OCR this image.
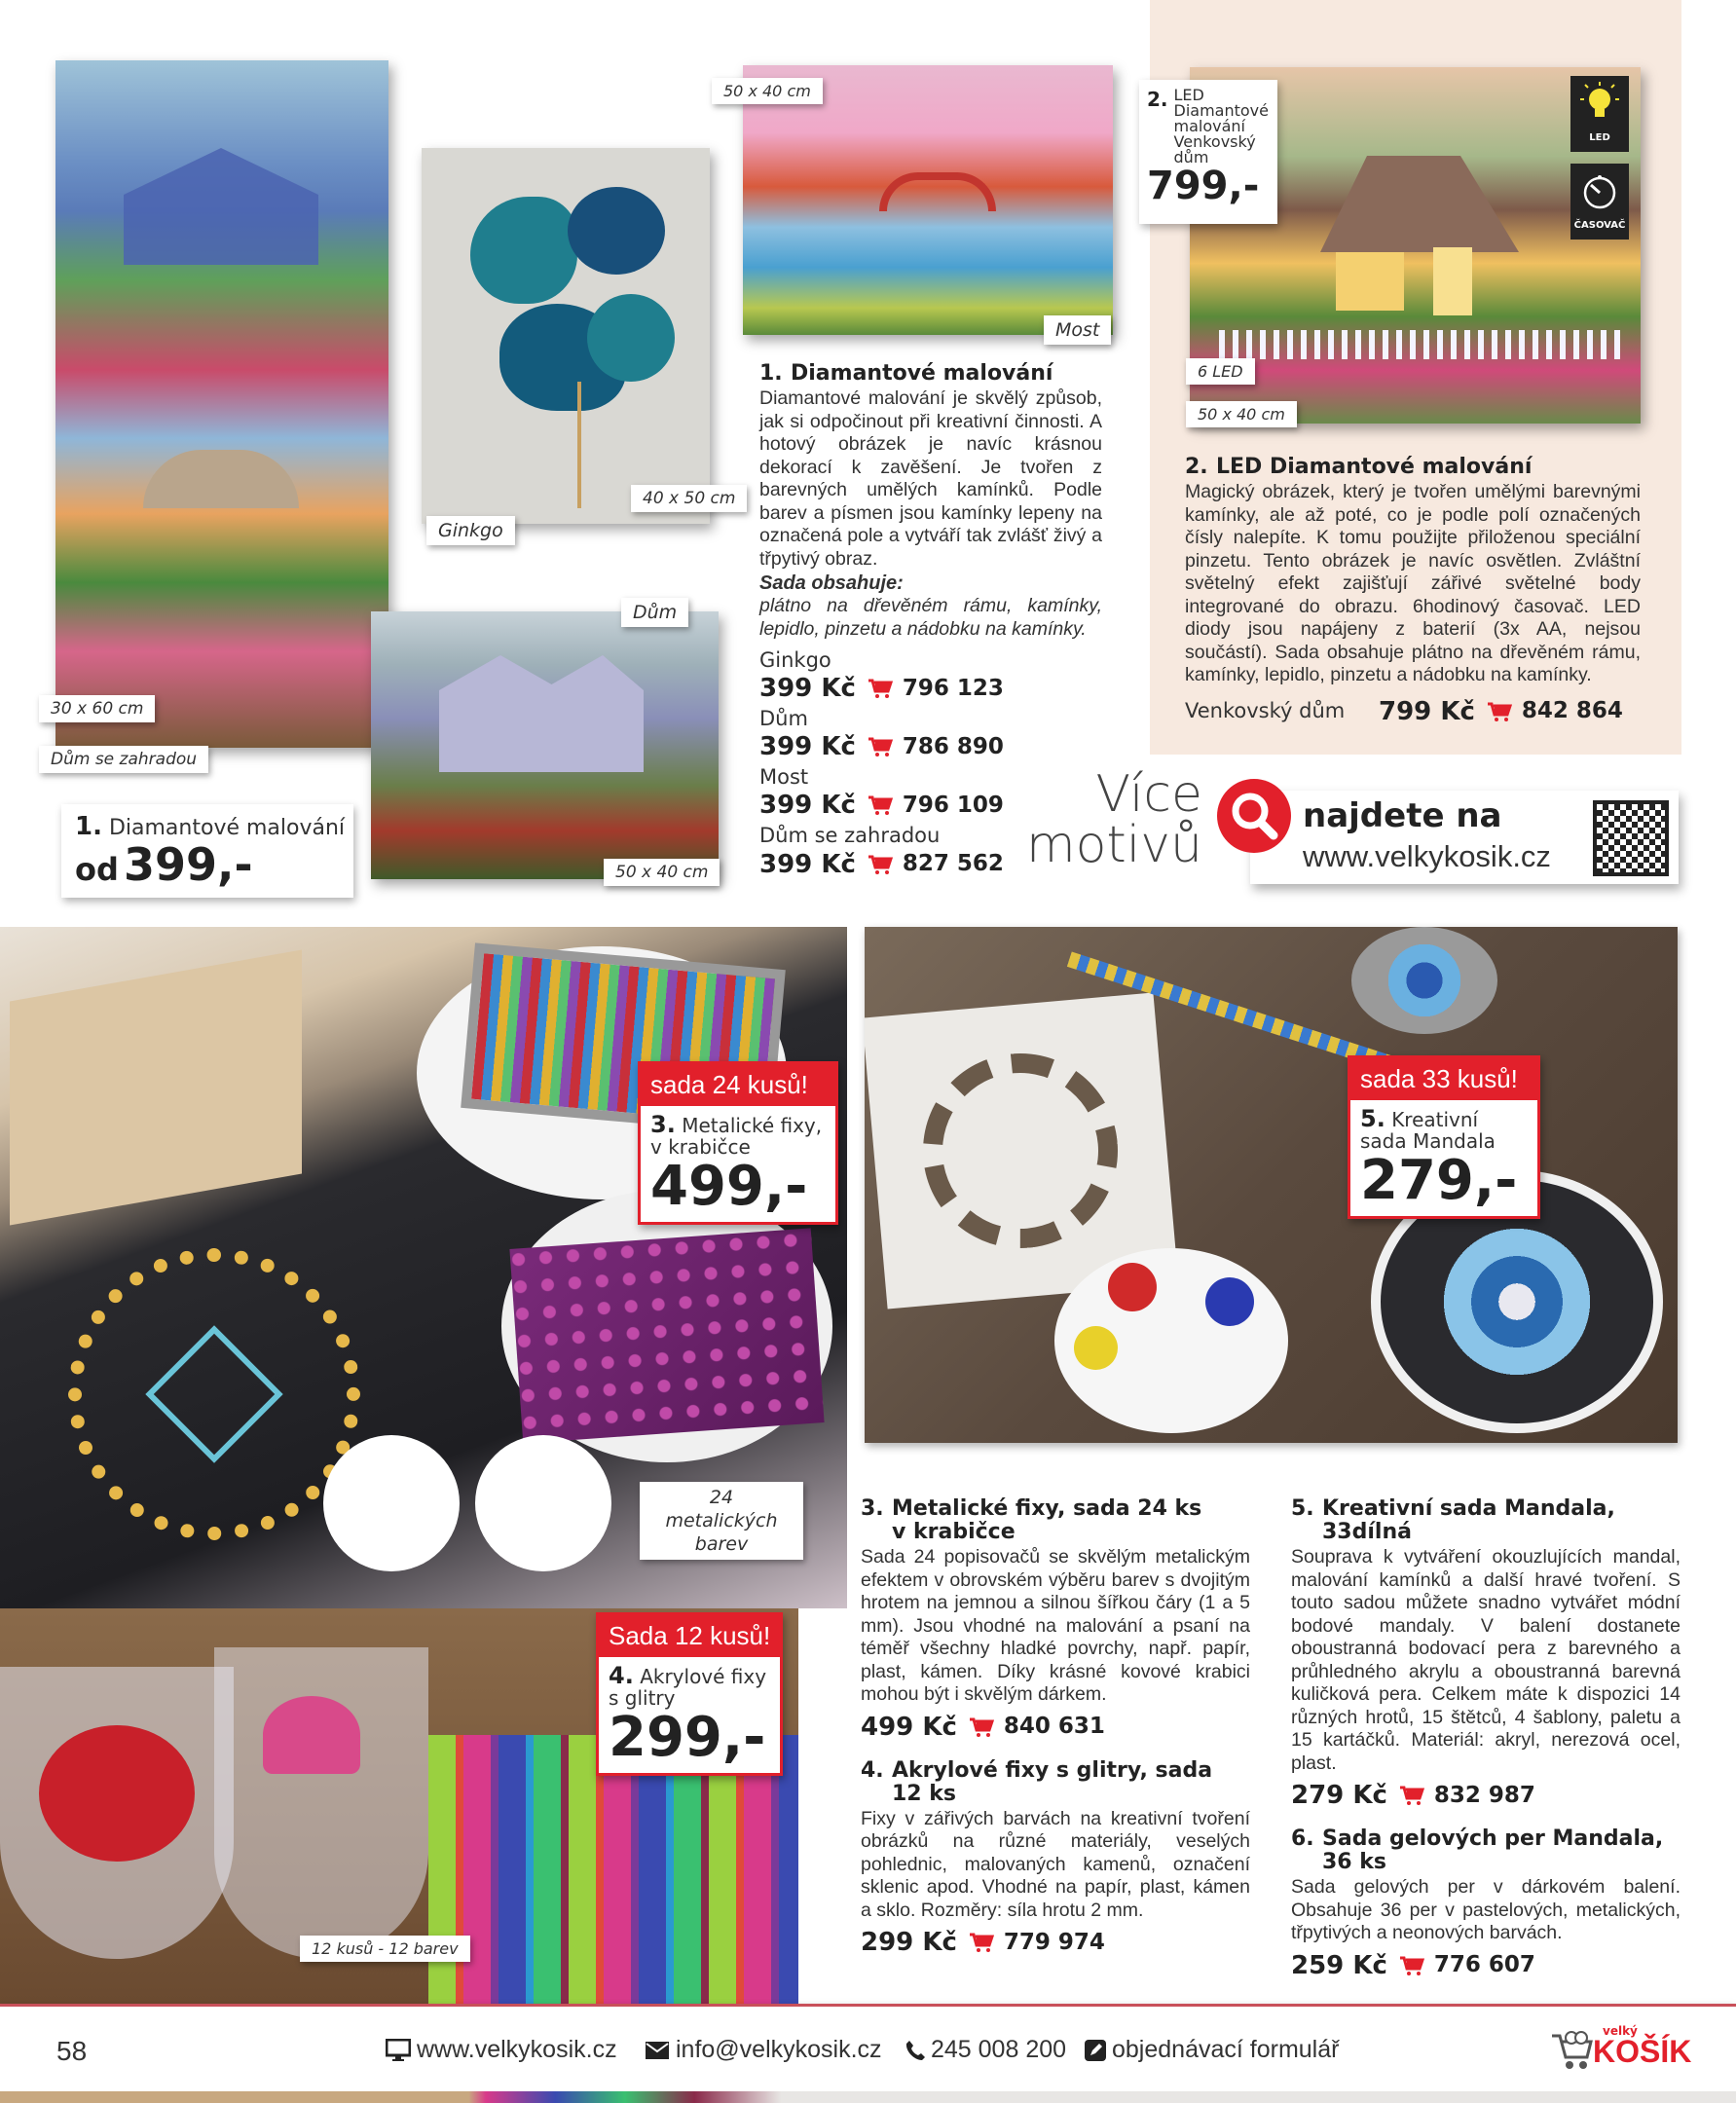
30 x 60 cm
Dům se zahradou
40 x 50 cm
Ginkgo
Dům
50 x 40 cm
50 x 40 cm
Most
1. Diamantové malování
od 399,-
1. Diamantové malování
Diamantové malování je skvělý způsob, jak si odpočinout při kreativní činnosti. A hotový obrázek je navíc krásnou dekorací k zavěšení. Je tvořen z barevných umělých kamínků. Podle barev a písmen jsou kamínky lepeny na označená pole a vytváří tak zvlášť živý a třpytivý obraz.
Sada obsahuje:
plátno na dřevěném rámu, kamínky, lepidlo, pinzetu a nádobku na kamínky.
Ginkgo
399 Kč 796 123
Dům
399 Kč 786 890
Most
399 Kč 796 109
Dům se zahradou
399 Kč 827 562
LED
ČASOVAČ
6 LED
50 x 40 cm
2. LED
Diamantové
malování
Venkovský
dům
799,-
2. LED Diamantové malování
Magický obrázek, který je tvořen umělými barevnými kamínky, ale až poté, co je podle polí označených čísly nalepíte. K tomu použijte přiloženou speciální pinzetu. Tento obrázek je navíc osvětlen. Zvláštní světelný efekt zajišťují zářivé světelné body integrované do obrazu. 6hodinový časovač. LED diody jsou napájeny z baterií (3x AA, nejsou součástí). Sada obsahuje plátno na dřevěném rámu, kamínky, lepidlo, pinzetu a nádobku na kamínky.
Venkovský dům	799 Kč 842 864
Více
motivů	najdete na
www.velkykosik.cz
24 metalických barev
12 kusů - 12 barev
sada 24 kusů!
3. Metalické fixy, v krabičce
499,-
Sada 12 kusů!
4. Akrylové fixy s glitry
299,-
sada 33 kusů!
5. Kreativní sada Mandala
279,-
3. Metalické fixy, sada 24 ks
v krabičce
Sada 24 popisovačů se skvělým metalickým efektem v obrovském výběru barev s dvojitým hrotem na jemnou a silnou šířkou čáry (1 a 5 mm). Jsou vhodné na malování a psaní na téměř všechny hladké povrchy, např. papír, plast, kámen. Díky krásné kovové krabici mohou být i skvělým dárkem.
499 Kč 840 631
4. Akrylové fixy s glitry, sada
12 ks
Fixy v zářivých barvách na kreativní tvoření obrázků na různé materiály, veselých pohlednic, malovaných kamenů, označení sklenic apod. Vhodné na papír, plast, kámen a sklo. Rozměry: síla hrotu 2 mm.
299 Kč 779 974
5. Kreativní sada Mandala,
33dílná
Souprava k vytváření okouzlujících mandal, malování kamínků a další hravé tvoření. S touto sadou můžete snadno vytvářet módní bodové mandaly. V balení dostanete oboustranná bodovací pera z barevného a průhledného akrylu a oboustranná barevná kuličková pera. Celkem máte k dispozici 14 různých hrotů, 15 štětců, 4 šablony, paletu a 15 kartáčků. Materiál: akryl, nerezová ocel, plast.
279 Kč 832 987
6. Sada gelových per Mandala,
36 ks
Sada gelových per v dárkovém balení. Obsahuje 36 per v pastelových, metalických, třpytivých a neonových barvách.
259 Kč 776 607
58	www.velkykosik.cz info@velkykosik.cz 245 008 200 objednávací formulář
velký
KOŠÍK
